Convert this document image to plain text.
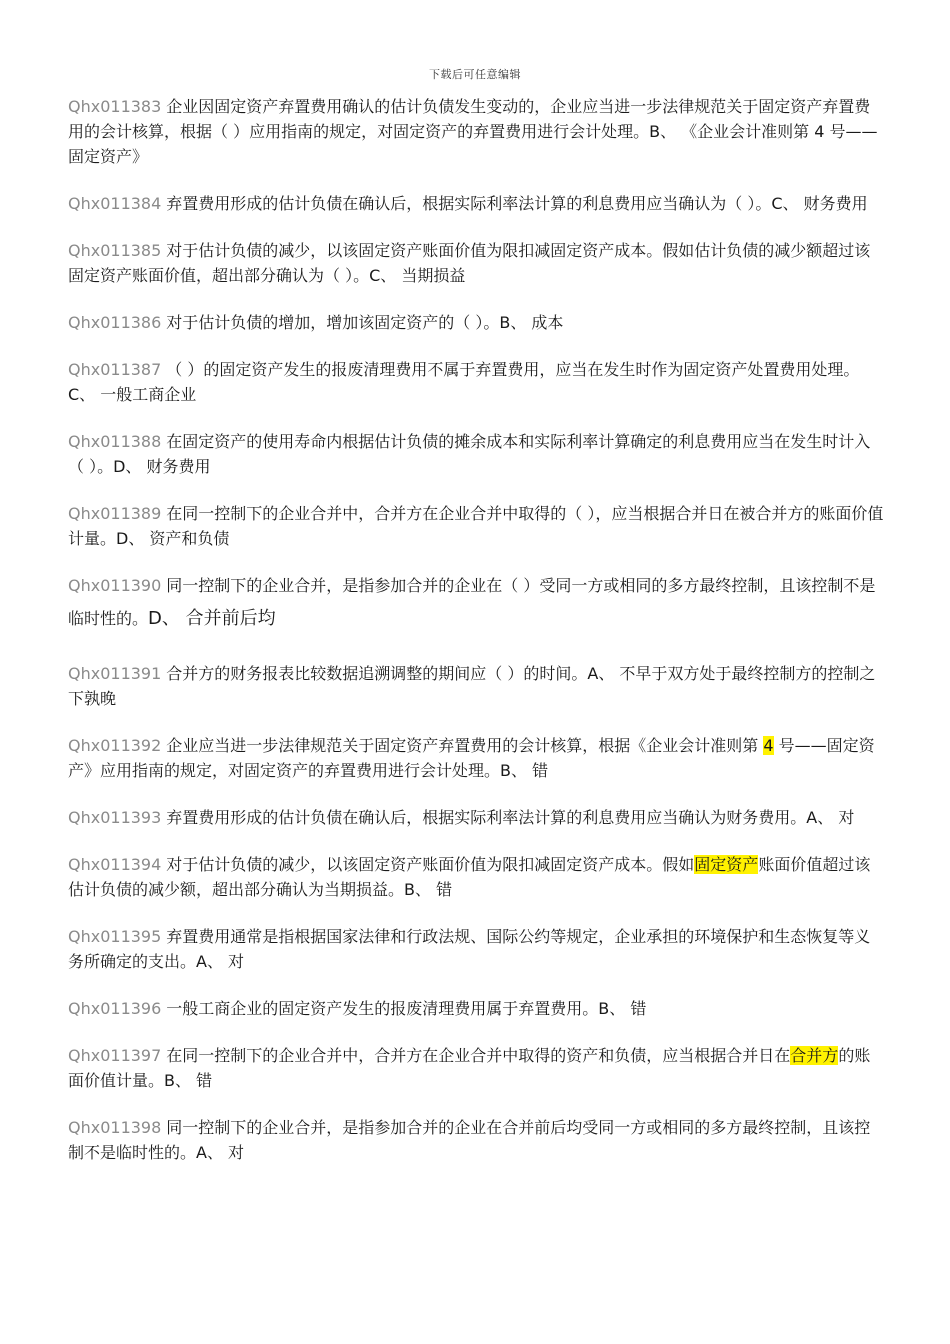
下载后可任意编辑
Qhx011383 企业因固定资产弃置费用确认的估计负债发生变动的，企业应当进一步法律规范关于固定资产弃置费用的会计核算，根据（ ）应用指南的规定，对固定资产的弃置费用进行会计处理。B、 《企业会计准则第 4 号——固定资产》
Qhx011384 弃置费用形成的估计负债在确认后，根据实际利率法计算的利息费用应当确认为（ ）。C、 财务费用
Qhx011385 对于估计负债的减少，以该固定资产账面价值为限扣减固定资产成本。假如估计负债的减少额超过该固定资产账面价值，超出部分确认为（ ）。C、 当期损益
Qhx011386 对于估计负债的增加，增加该固定资产的（ ）。B、 成本
Qhx011387 （ ）的固定资产发生的报废清理费用不属于弃置费用，应当在发生时作为固定资产处置费用处理。C、 一般工商企业
Qhx011388 在固定资产的使用寿命内根据估计负债的摊余成本和实际利率计算确定的利息费用应当在发生时计入（ ）。D、 财务费用
Qhx011389 在同一控制下的企业合并中，合并方在企业合并中取得的（ ），应当根据合并日在被合并方的账面价值计量。D、 资产和负债
Qhx011390 同一控制下的企业合并，是指参加合并的企业在（ ）受同一方或相同的多方最终控制，且该控制不是临时性的。D、 合并前后均
Qhx011391 合并方的财务报表比较数据追溯调整的期间应（ ）的时间。A、 不早于双方处于最终控制方的控制之下孰晚
Qhx011392 企业应当进一步法律规范关于固定资产弃置费用的会计核算，根据《企业会计准则第 4 号——固定资产》应用指南的规定，对固定资产的弃置费用进行会计处理。B、 错
Qhx011393 弃置费用形成的估计负债在确认后，根据实际利率法计算的利息费用应当确认为财务费用。A、 对
Qhx011394 对于估计负债的减少，以该固定资产账面价值为限扣减固定资产成本。假如固定资产账面价值超过该估计负债的减少额，超出部分确认为当期损益。B、 错
Qhx011395 弃置费用通常是指根据国家法律和行政法规、国际公约等规定，企业承担的环境保护和生态恢复等义务所确定的支出。A、 对
Qhx011396 一般工商企业的固定资产发生的报废清理费用属于弃置费用。B、 错
Qhx011397 在同一控制下的企业合并中，合并方在企业合并中取得的资产和负债，应当根据合并日在合并方的账面价值计量。B、 错
Qhx011398 同一控制下的企业合并，是指参加合并的企业在合并前后均受同一方或相同的多方最终控制，且该控制不是临时性的。A、 对
